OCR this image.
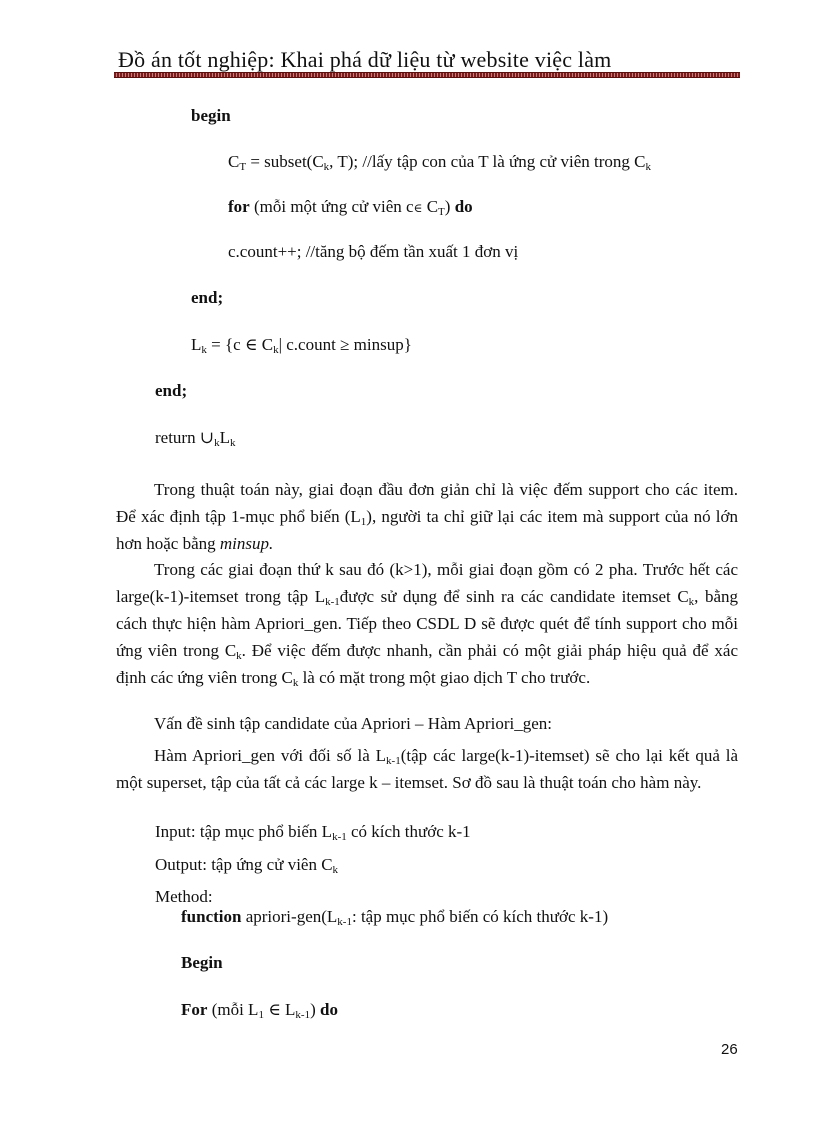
Đồ án tốt nghiệp: Khai phá dữ liệu từ website việc làm
begin
$C_T$ = $subset(C_k$, T); //lấy tập con của T là ứng cử viên trong $C_k$
for (mỗi một ứng cử viên c∈ $C_T$) do
c.count++; //tăng bộ đếm tần xuất 1 đơn vị
end;
$L_k = \{c$ ∈ $C_k|$ c.count ≥ minsup}
end;
return $\cup_kL_k$
Trong thuật toán này, giai đoạn đầu đơn giản chỉ là việc đếm support cho các item. Để xác định tập 1-mục phổ biến $(L_1)$, người ta chỉ giữ lại các item mà support của nó lớn hơn hoặc bằng minsup.
Trong các giai đoạn thứ k sau đó (k>1), mỗi giai đoạn gồm có 2 pha. Trước hết các large(k-1)-itemset trong tập $L_{k-1}được$ sử dụng để sinh ra các candidate itemset $C_k$, bằng cách thực hiện hàm Apriori_gen. Tiếp theo CSDL D sẽ được quét để tính support cho mỗi ứng viên trong $C_k$. Để việc đếm được nhanh, cần phải có một giải pháp hiệu quả để xác định các ứng viên trong $C_k$ là có mặt trong một giao dịch T cho trước.
Vấn đề sinh tập candidate của Apriori – Hàm Apriori_gen:
Hàm Apriori_gen với đối số là $L_{k-1}(tập$ các large(k-1)-itemset) sẽ cho lại kết quả là một superset, tập của tất cả các large k – itemset. Sơ đồ sau là thuật toán cho hàm này.
Input: tập mục phổ biến $L_{k-1}$ có kích thước k-1
Output: tập ứng cử viên $C_k$
Method:
function apriori-$gen(L_{k-1}$: tập mục phổ biến có kích thước k-1)
Begin
For (mỗi $L_1$ ∈ $L_{k-1}$) do
26
